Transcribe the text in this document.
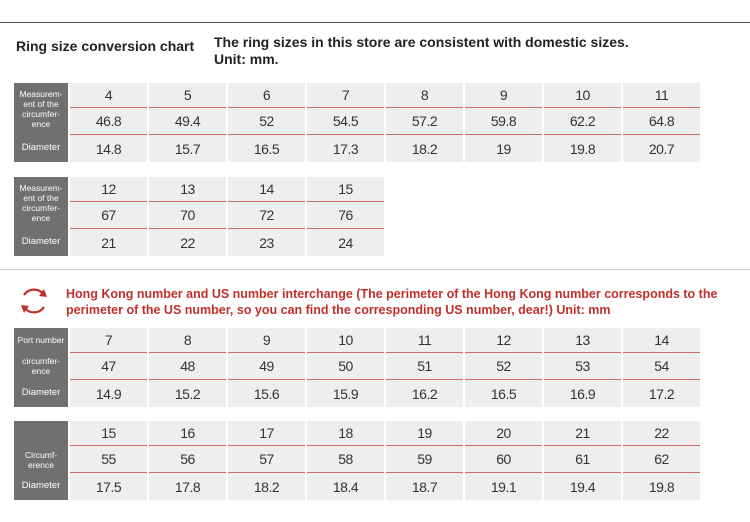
Ring size conversion chart The ring sizes in this store are consistent with domestic sizes.
Unit: mm.
Measurem-ent of the circumfer-ence
Diameter
4
46.8
14.8
5
49.4
15.7
6
52
16.5
7
54.5
17.3
8
57.2
18.2
9
59.8
19
10
62.2
19.8
11
64.8
20.7
Measurem-ent of the circumfer-ence
Diameter
12
67
21
13
70
22
14
72
23
15
76
24
Hong Kong number and US number interchange (The perimeter of the Hong Kong number corresponds to the perimeter of the US number, so you can find the corresponding US number, dear!) Unit: mm
Port number
circumfer-ence
Diameter
7
47
14.9
8
48
15.2
9
49
15.6
10
50
15.9
11
51
16.2
12
52
16.5
13
53
16.9
14
54
17.2
Circumf-erence
Diameter
15
55
17.5
16
56
17.8
17
57
18.2
18
58
18.4
19
59
18.7
20
60
19.1
21
61
19.4
22
62
19.8
